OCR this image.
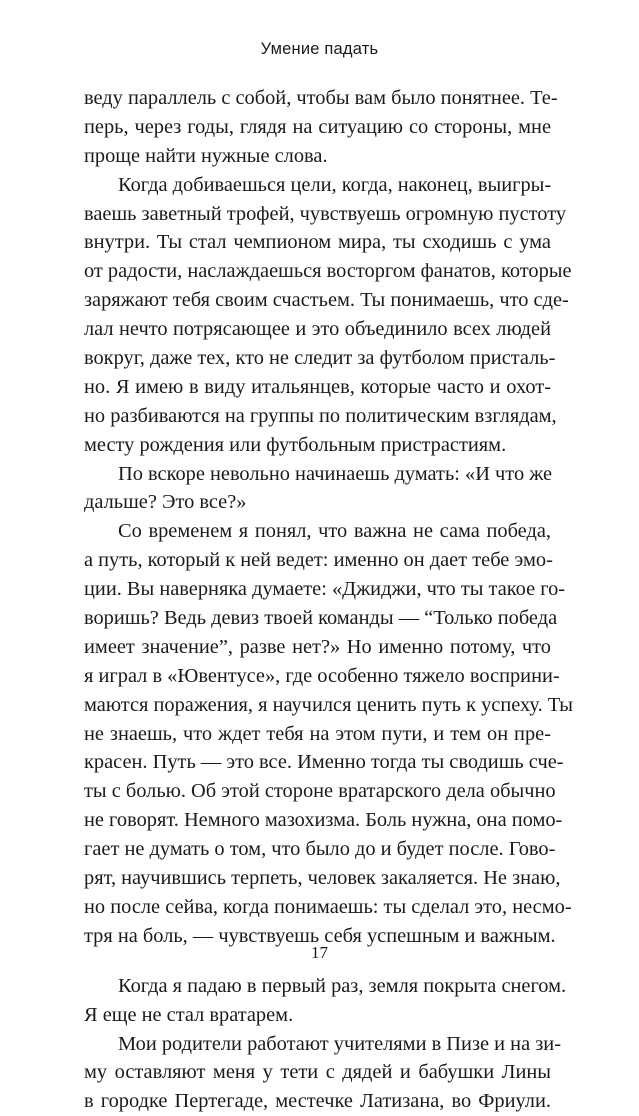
Умение падать
веду параллель с собой, чтобы вам было понятнее. Те-
перь, через годы, глядя на ситуацию со стороны, мне
проще найти нужные слова.
Когда добиваешься цели, когда, наконец, выигры-
ваешь заветный трофей, чувствуешь огромную пустоту
внутри. Ты стал чемпионом мира, ты сходишь с ума
от радости, наслаждаешься восторгом фанатов, которые
заряжают тебя своим счастьем. Ты понимаешь, что сде-
лал нечто потрясающее и это объединило всех людей
вокруг, даже тех, кто не следит за футболом присталь-
но. Я имею в виду итальянцев, которые часто и охот-
но разбиваются на группы по политическим взглядам,
месту рождения или футбольным пристрастиям.
По вскоре невольно начинаешь думать: «И что же
дальше? Это все?»
Со временем я понял, что важна не сама победа,
а путь, который к ней ведет: именно он дает тебе эмо-
ции. Вы наверняка думаете: «Джиджи, что ты такое го-
воришь? Ведь девиз твоей команды — “Только победа
имеет значение”, разве нет?» Но именно потому, что
я играл в «Ювентусе», где особенно тяжело восприни-
маются поражения, я научился ценить путь к успеху. Ты
не знаешь, что ждет тебя на этом пути, и тем он пре-
красен. Путь — это все. Именно тогда ты сводишь сче-
ты с болью. Об этой стороне вратарского дела обычно
не говорят. Немного мазохизма. Боль нужна, она помо-
гает не думать о том, что было до и будет после. Гово-
рят, научившись терпеть, человек закаляется. Не знаю,
но после сейва, когда понимаешь: ты сделал это, несмо-
тря на боль, — чувствуешь себя успешным и важным.
Когда я падаю в первый раз, земля покрыта снегом.
Я еще не стал вратарем.
Мои родители работают учителями в Пизе и на зи-
му оставляют меня у тети с дядей и бабушки Лины
в городке Пертегаде, местечке Латизана, во Фриули.
17
